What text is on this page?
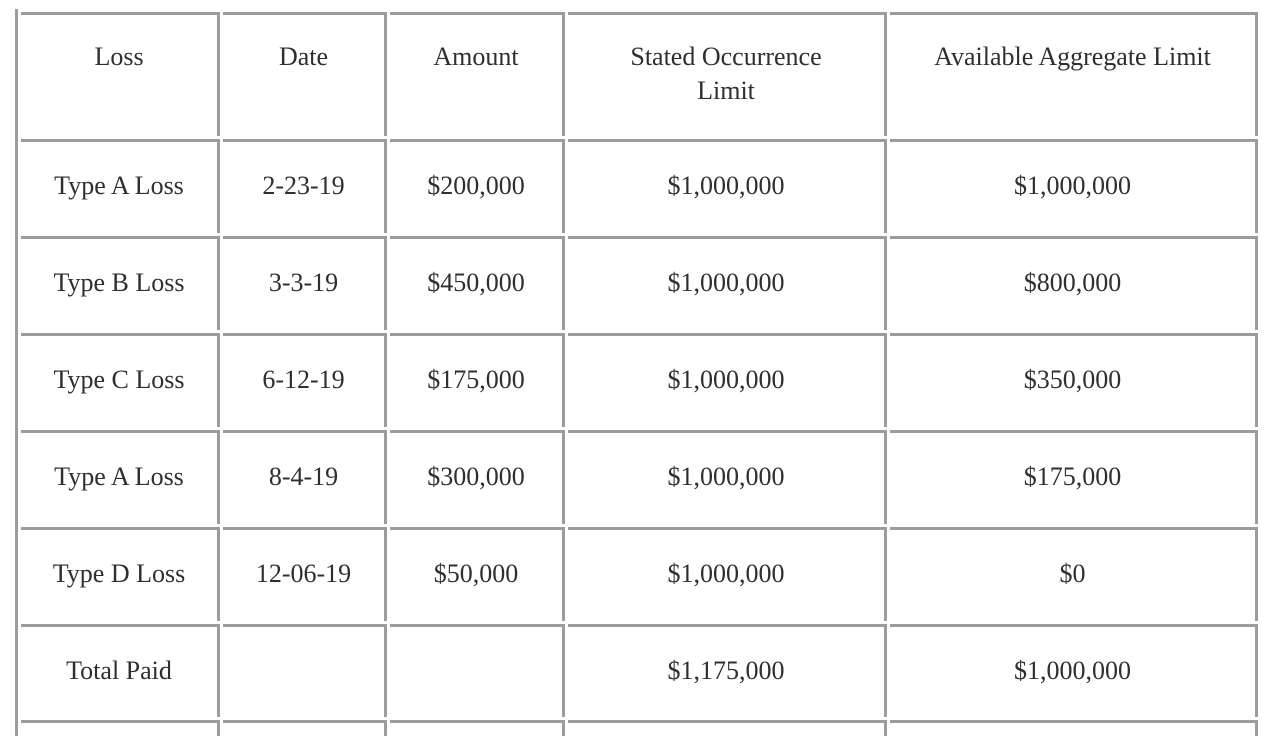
Loss	Date	Amount	Stated Occurrence Limit	Available Aggregate Limit
Type A Loss	2-23-19	$200,000	$1,000,000	$1,000,000
Type B Loss	3-3-19	$450,000	$1,000,000	$800,000
Type C Loss	6-12-19	$175,000	$1,000,000	$350,000
Type A Loss	8-4-19	$300,000	$1,000,000	$175,000
Type D Loss	12-06-19	$50,000	$1,000,000	$0
Total Paid			$1,175,000	$1,000,000
